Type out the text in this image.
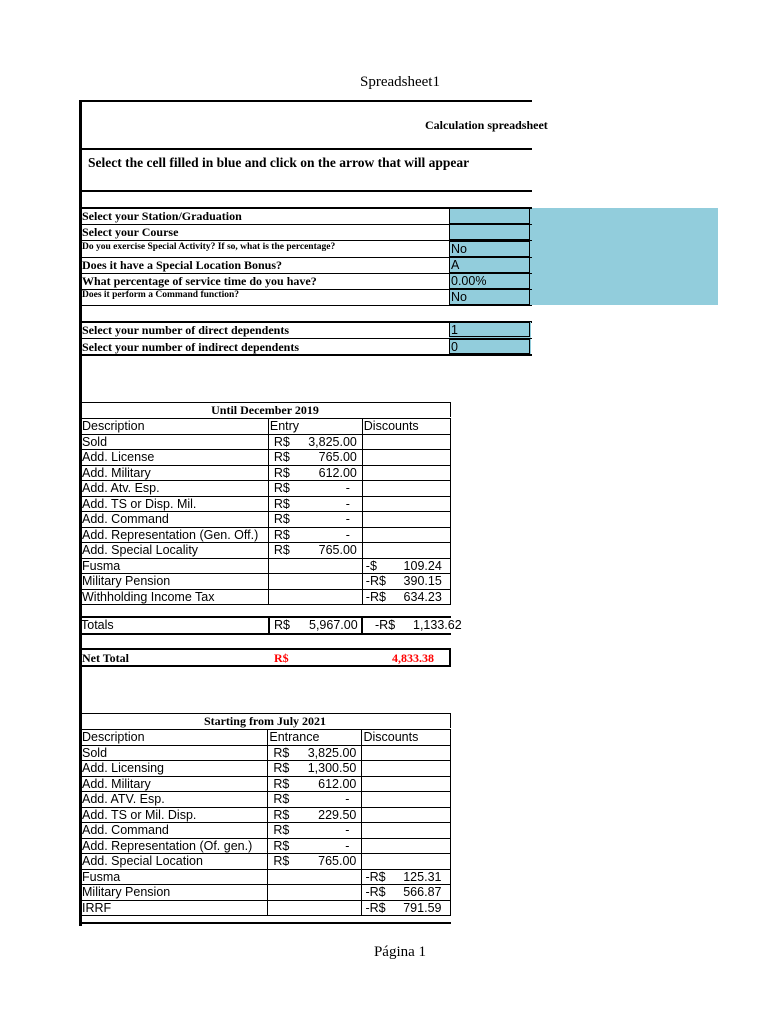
Spreadsheet1
Calculation spreadsheet
Select the cell filled in blue and click on the arrow that will appear
Select your Station/Graduation
Select your Course
Do you exercise Special Activity? If so, what is the percentage?	No
Does it have a Special Location Bonus?	A
What percentage of service time do you have?	0.00%
Does it perform a Command function?	No
Select your number of direct dependents	1
Select your number of indirect dependents	0
Until December 2019
Description	Entry	Discounts
Sold	R$ 3,825.00	
Add. License	R$ 765.00	
Add. Military	R$ 612.00	
Add. Atv. Esp.	R$ -	
Add. TS or Disp. Mil.	R$ -	
Add. Command	R$ -	
Add. Representation (Gen. Off.)	R$ -	
Add. Special Locality	R$ 765.00	
Fusma		-$ 109.24
Military Pension		-R$ 390.15
Withholding Income Tax		-R$ 634.23
Totals	R$ 5,967.00 -R$ 1,133.62
Net Total	R$	4,833.38
Starting from July 2021
Description	Entrance	Discounts
Sold	R$ 3,825.00	
Add. Licensing	R$ 1,300.50	
Add. Military	R$ 612.00	
Add. ATV. Esp.	R$ -	
Add. TS or Mil. Disp.	R$ 229.50	
Add. Command	R$ -	
Add. Representation (Of. gen.)	R$ -	
Add. Special Location	R$ 765.00	
Fusma		-R$ 125.31
Military Pension		-R$ 566.87
IRRF		-R$ 791.59
Página 1
